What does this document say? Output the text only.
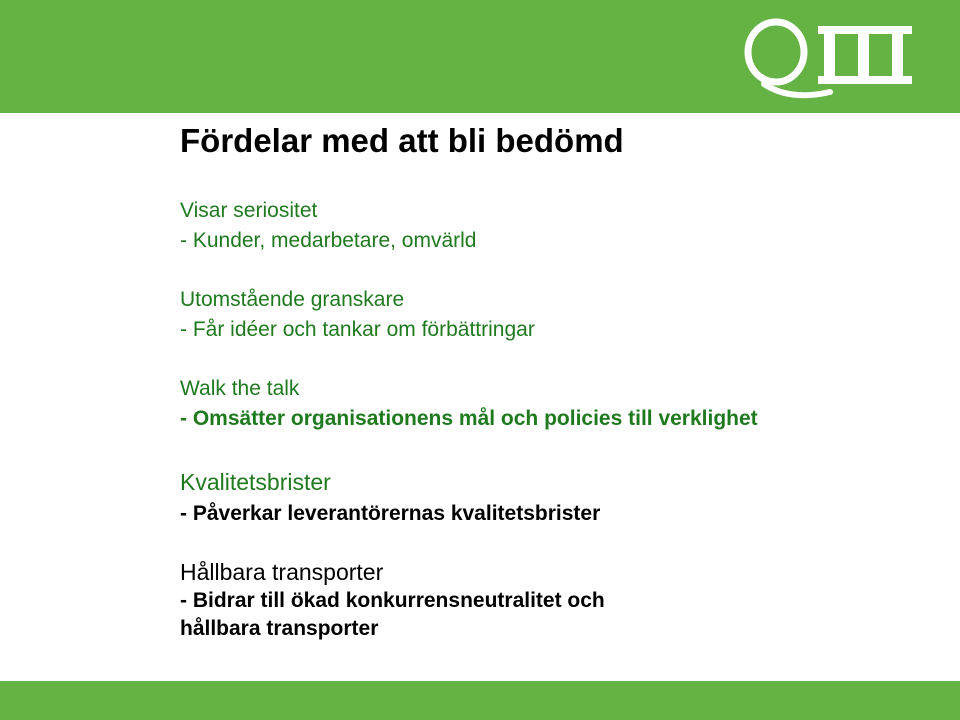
Fördelar med att bli bedömd

Visar seriositet

- Kunder, medarbetare, omvärld

Utomstående granskare

- Får idéer och tankar om förbättringar

Walk the talk

- Omsätter organisationens mål och policies till verklighet

Kvalitetsbrister

- Påverkar leverantörernas kvalitetsbrister

Hållbara transporter

- Bidrar till ökad konkurrensneutralitet och

hållbara transporter
